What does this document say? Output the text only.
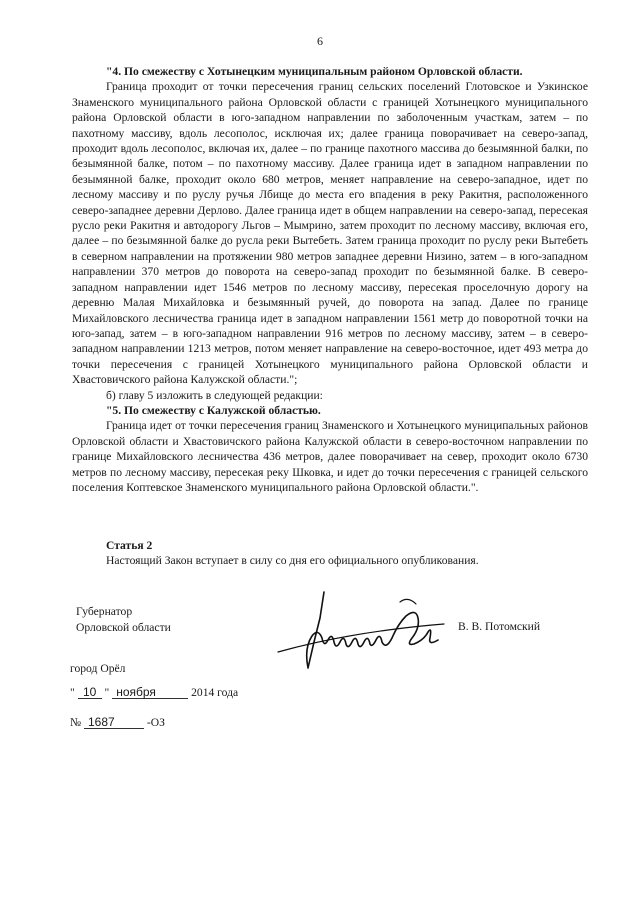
6

"4. По смежеству с Хотынецким муниципальным районом Орловской области.

Граница проходит от точки пересечения границ сельских поселений Глотовское и Узкинское Знаменского муниципального района Орловской области с границей Хотынецкого муниципального района Орловской области в юго-западном направлении по заболоченным участкам, затем – по пахотному массиву, вдоль лесополос, исключая их; далее граница поворачивает на северо-запад, проходит вдоль лесополос, включая их, далее – по границе пахотного массива до безымянной балки, по безымянной балке, потом – по пахотному массиву. Далее граница идет в западном направлении по безымянной балке, проходит около 680 метров, меняет направление на северо-западное, идет по лесному массиву и по руслу ручья Лбище до места его впадения в реку Ракитня, расположенного северо-западнее деревни Дерлово. Далее граница идет в общем направлении на северо-запад, пересекая русло реки Ракитня и автодорогу Льгов – Мымрино, затем проходит по лесному массиву, включая его, далее – по безымянной балке до русла реки Вытебеть. Затем граница проходит по руслу реки Вытебеть в северном направлении на протяжении 980 метров западнее деревни Низино, затем – в юго-западном направлении 370 метров до поворота на северо-запад проходит по безымянной балке. В северо-западном направлении идет 1546 метров по лесному массиву, пересекая проселочную дорогу на деревню Малая Михайловка и безымянный ручей, до поворота на запад. Далее по границе Михайловского лесничества граница идет в западном направлении 1561 метр до поворотной точки на юго-запад, затем – в юго-западном направлении 916 метров по лесному массиву, затем – в северо-западном направлении 1213 метров, потом меняет направление на северо-восточное, идет 493 метра до точки пересечения с границей Хотынецкого муниципального района Орловской области и Хвастовичского района Калужской области.";

б) главу 5 изложить в следующей редакции:

"5. По смежеству с Калужской областью.

Граница идет от точки пересечения границ Знаменского и Хотынецкого муниципальных районов Орловской области и Хвастовичского района Калужской области в северо-восточном направлении по границе Михайловского лесничества 436 метров, далее поворачивает на север, проходит около 6730 метров по лесному массиву, пересекая реку Шковка, и идет до точки пересечения с границей сельского поселения Коптевское Знаменского муниципального района Орловской области.".

Статья 2
Настоящий Закон вступает в силу со дня его официального опубликования.
Губернатор
Орловской области	В. В. Потомский
город Орёл
" 10 " ноября	2014 года
№ 1687	-ОЗ
